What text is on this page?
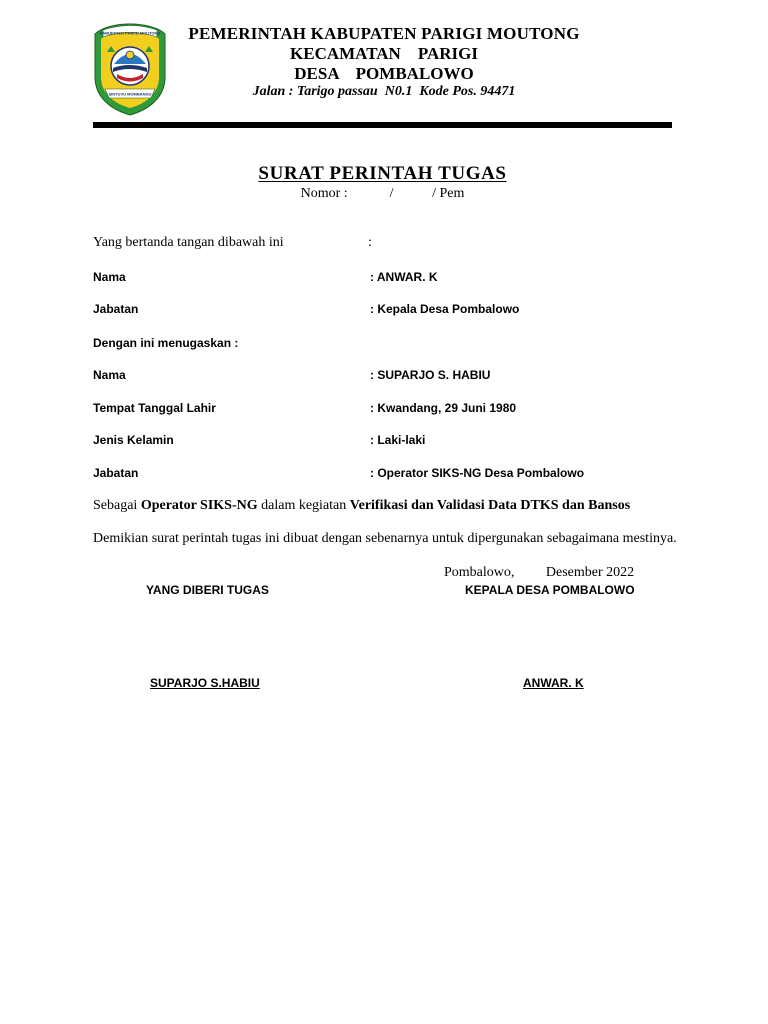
KABUPATEN PARIGI MOUTONG
SINTUVU MOMBANGU
PEMERINTAH KABUPATEN PARIGI MOUTONG
KECAMATAN    PARIGI
DESA    POMBALOWO
Jalan : Tarigo passau  N0.1  Kode Pos. 94471
SURAT PERINTAH TUGAS
Nomor :            /           / Pem
Yang bertanda tangan dibawah ini	:
Nama	: ANWAR. K
Jabatan	: Kepala Desa Pombalowo
Dengan ini menugaskan :
Nama	: SUPARJO S. HABIU
Tempat Tanggal Lahir	: Kwandang, 29 Juni 1980
Jenis Kelamin	: Laki-laki
Jabatan	: Operator SIKS-NG Desa Pombalowo
Sebagai Operator SIKS-NG dalam kegiatan Verifikasi dan Validasi Data DTKS dan Bansos
Demikian surat perintah tugas ini dibuat dengan sebenarnya untuk dipergunakan sebagaimana mestinya.
Pombalowo,         Desember 2022
YANG DIBERI TUGAS	KEPALA DESA POMBALOWO
SUPARJO S.HABIU	ANWAR. K
